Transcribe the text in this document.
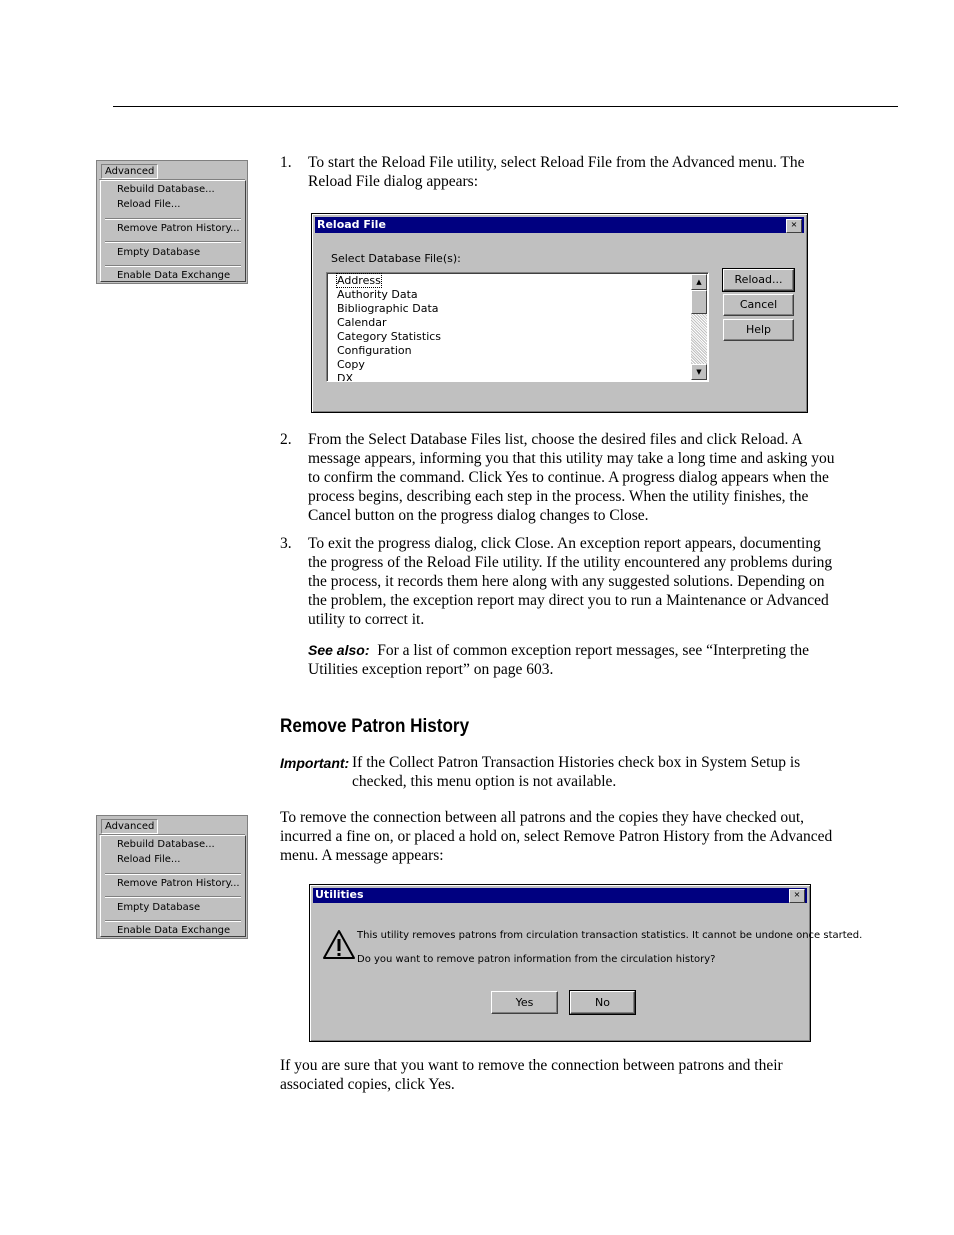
Advanced
Rebuild Database...
Reload File...
Remove Patron History...
Empty Database
Enable Data Exchange
1. To start the Reload File utility, select Reload File from the Advanced menu. The Reload File dialog appears:

Reload File	×
Select Database File(s):
Address
Authority Data
Bibliographic Data
Calendar
Category Statistics
Configuration
Copy
DX
▲
▼
Reload...
Cancel
Help
2. From the Select Database Files list, choose the desired files and click Reload. A message appears, informing you that this utility may take a long time and asking you to confirm the command. Click Yes to continue. A progress dialog appears when the process begins, describing each step in the process. When the utility finishes, the Cancel button on the progress dialog changes to Close.

3. To exit the progress dialog, click Close. An exception report appears, documenting the progress of the Reload File utility. If the utility encountered any problems during the process, it records them here along with any suggested solutions. Depending on the problem, the exception report may direct you to run a Maintenance or Advanced utility to correct it.

See also: For a list of common exception report messages, see “Interpreting the Utilities exception report” on page 603.

Remove Patron History
Important: If the Collect Patron Transaction Histories check box in System Setup is checked, this menu option is not available.

Advanced
Rebuild Database...
Reload File...
Remove Patron History...
Empty Database
Enable Data Exchange

To remove the connection between all patrons and the copies they have checked out, incurred a fine on, or placed a hold on, select Remove Patron History from the Advanced menu. A message appears:

Utilities	×
This utility removes patrons from circulation transaction statistics. It cannot be undone once started.
Do you want to remove patron information from the circulation history?
Yes	No

If you are sure that you want to remove the connection between patrons and their associated copies, click Yes.
